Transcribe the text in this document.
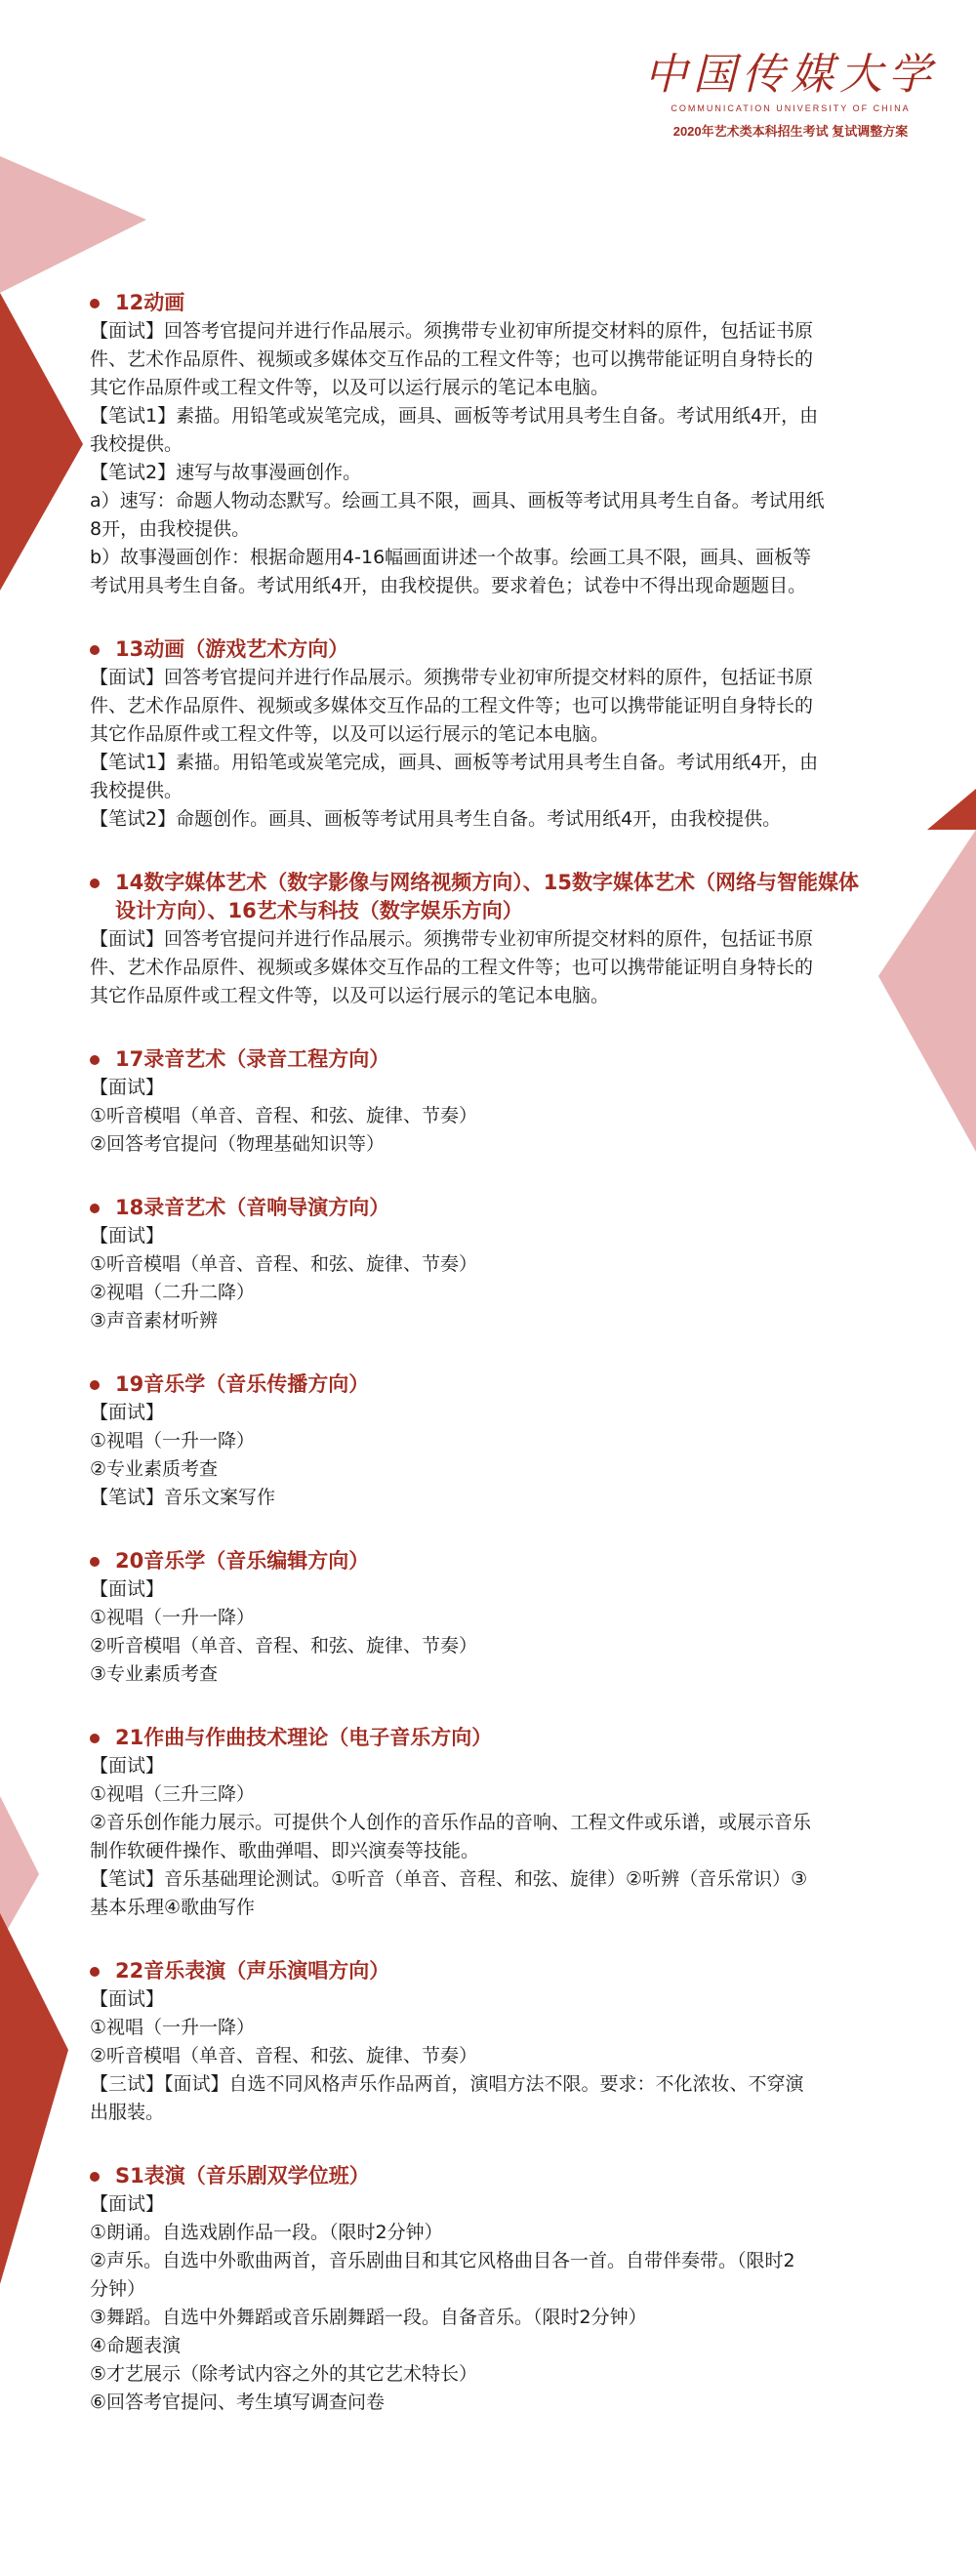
中国传媒大学
COMMUNICATION UNIVERSITY OF CHINA
2020年艺术类本科招生考试 复试调整方案
12动画

【面试】回答考官提问并进行作品展示。须携带专业初审所提交材料的原件，包括证书原

件、艺术作品原件、视频或多媒体交互作品的工程文件等；也可以携带能证明自身特长的

其它作品原件或工程文件等，以及可以运行展示的笔记本电脑。

【笔试1】素描。用铅笔或炭笔完成，画具、画板等考试用具考生自备。考试用纸4开，由

我校提供。

【笔试2】速写与故事漫画创作。

a）速写：命题人物动态默写。绘画工具不限，画具、画板等考试用具考生自备。考试用纸

8开，由我校提供。

b）故事漫画创作：根据命题用4-16幅画面讲述一个故事。绘画工具不限，画具、画板等

考试用具考生自备。考试用纸4开，由我校提供。要求着色；试卷中不得出现命题题目。

13动画（游戏艺术方向）

【面试】回答考官提问并进行作品展示。须携带专业初审所提交材料的原件，包括证书原

件、艺术作品原件、视频或多媒体交互作品的工程文件等；也可以携带能证明自身特长的

其它作品原件或工程文件等，以及可以运行展示的笔记本电脑。

【笔试1】素描。用铅笔或炭笔完成，画具、画板等考试用具考生自备。考试用纸4开，由

我校提供。

【笔试2】命题创作。画具、画板等考试用具考生自备。考试用纸4开，由我校提供。

14数字媒体艺术（数字影像与网络视频方向）、15数字媒体艺术（网络与智能媒体设计方向）、16艺术与科技（数字娱乐方向）

【面试】回答考官提问并进行作品展示。须携带专业初审所提交材料的原件，包括证书原

件、艺术作品原件、视频或多媒体交互作品的工程文件等；也可以携带能证明自身特长的

其它作品原件或工程文件等，以及可以运行展示的笔记本电脑。

17录音艺术（录音工程方向）

【面试】

①听音模唱（单音、音程、和弦、旋律、节奏）

②回答考官提问（物理基础知识等）

18录音艺术（音响导演方向）

【面试】

①听音模唱（单音、音程、和弦、旋律、节奏）

②视唱（二升二降）

③声音素材听辨

19音乐学（音乐传播方向）

【面试】

①视唱（一升一降）

②专业素质考查

【笔试】音乐文案写作

20音乐学（音乐编辑方向）

【面试】

①视唱（一升一降）

②听音模唱（单音、音程、和弦、旋律、节奏）

③专业素质考查

21作曲与作曲技术理论（电子音乐方向）

【面试】

①视唱（三升三降）

②音乐创作能力展示。可提供个人创作的音乐作品的音响、工程文件或乐谱，或展示音乐

制作软硬件操作、歌曲弹唱、即兴演奏等技能。

【笔试】音乐基础理论测试。①听音（单音、音程、和弦、旋律）②听辨（音乐常识）③

基本乐理④歌曲写作

22音乐表演（声乐演唱方向）

【面试】

①视唱（一升一降）

②听音模唱（单音、音程、和弦、旋律、节奏）

【三试】【面试】自选不同风格声乐作品两首，演唱方法不限。要求：不化浓妆、不穿演

出服装。

S1表演（音乐剧双学位班）

【面试】

①朗诵。自选戏剧作品一段。（限时2分钟）

②声乐。自选中外歌曲两首，音乐剧曲目和其它风格曲目各一首。自带伴奏带。（限时2

分钟）

③舞蹈。自选中外舞蹈或音乐剧舞蹈一段。自备音乐。（限时2分钟）

④命题表演

⑤才艺展示（除考试内容之外的其它艺术特长）

⑥回答考官提问、考生填写调查问卷
